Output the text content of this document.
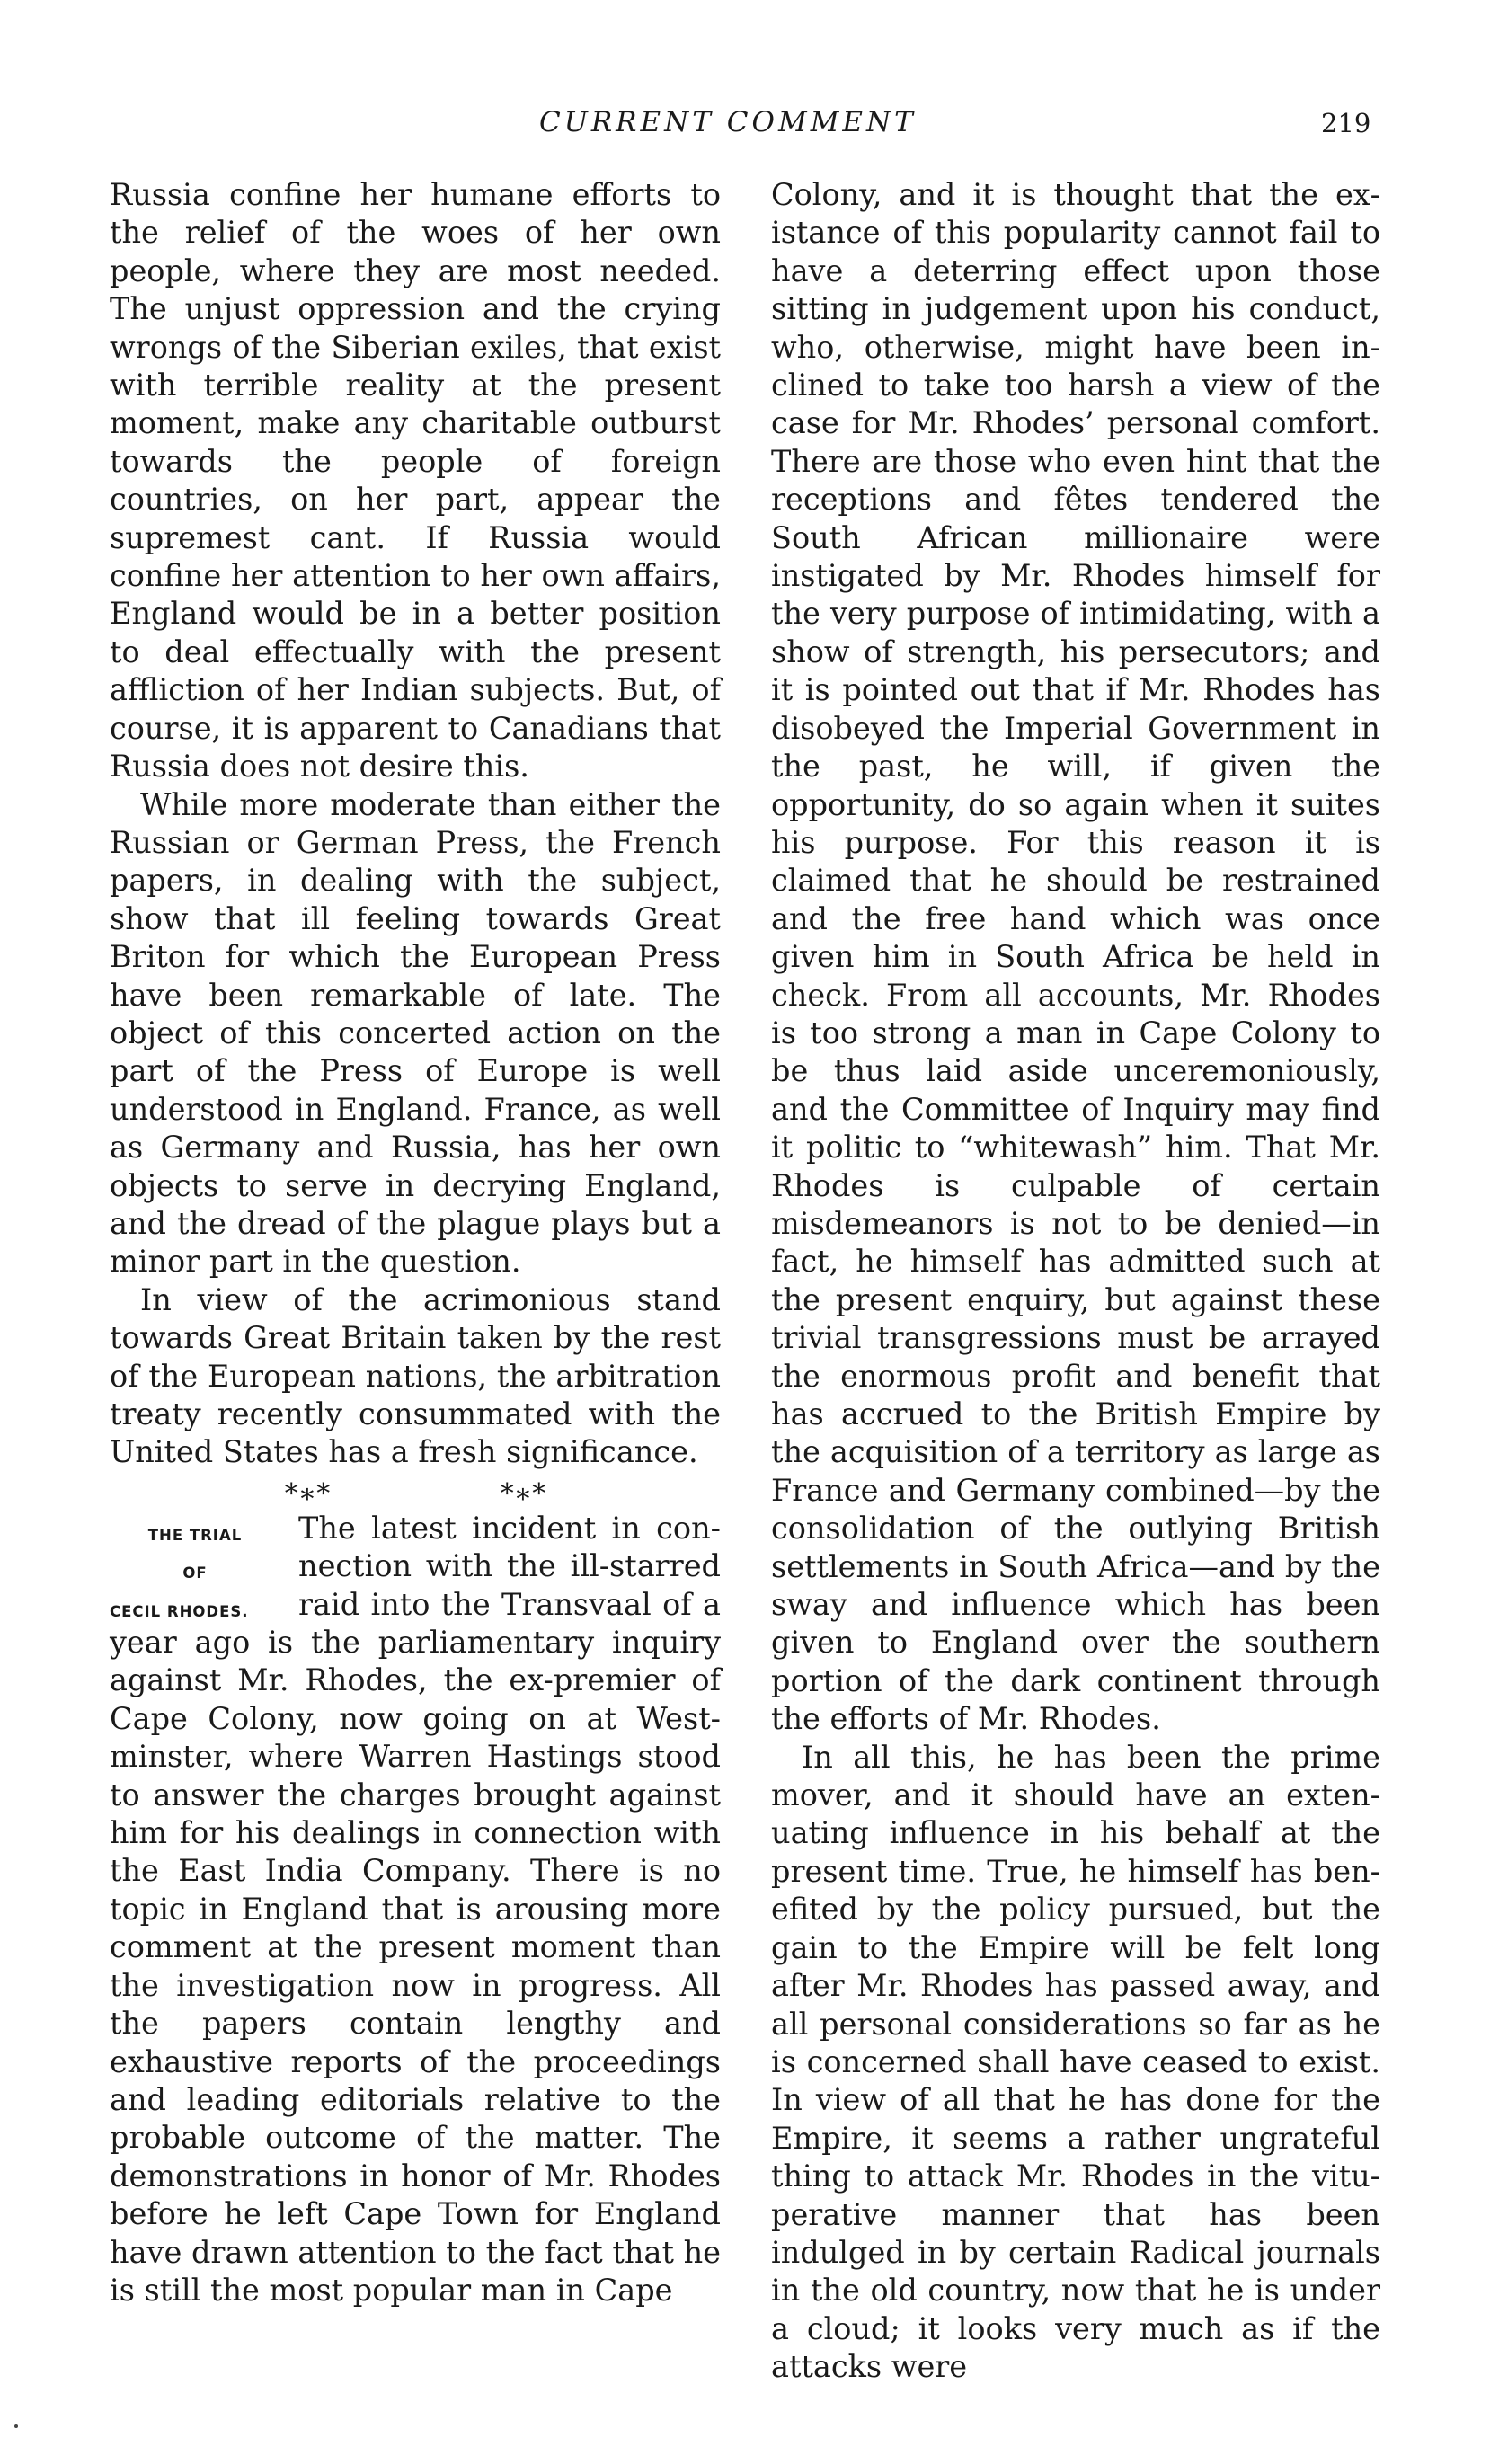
CURRENT COMMENT	219

Russia confine her humane efforts to the relief of the woes of her own people, where they are most needed. The unjust oppression and the crying wrongs of the Siberian exiles, that exist with terrible reality at the present moment, make any charitable outburst towards the people of foreign countries, on her part, appear the supremest cant. If Russia would confine her attention to her own affairs, England would be in a better position to deal effectually with the present affliction of her Indian subjects. But, of course, it is apparent to Canadians that Russia does not desire this.

While more moderate than either the Russian or German Press, the French papers, in dealing with the subject, show that ill feeling towards Great Briton for which the European Press have been remarkable of late. The object of this concerted action on the part of the Press of Europe is well understood in England. France, as well as Germany and Russia, has her own objects to serve in decrying England, and the dread of the plague plays but a minor part in the question.

In view of the acrimonious stand towards Great Britain taken by the rest of the European nations, the arbitration treaty recently consummated with the United States has a fresh significance.

*∗*	*∗*
THE TRIAL
OF
CECIL RHODES.

The latest incident in connection with the ill-starred raid into the Transvaal of a year ago is the parliamentary inquiry against Mr. Rhodes, the ex-premier of Cape Colony, now going on at Westminster, where Warren Hastings stood to answer the charges brought against him for his dealings in connection with the East India Company. There is no topic in England that is arousing more comment at the present moment than the investigation now in progress. All the papers contain lengthy and exhaustive reports of the proceedings and leading editorials relative to the probable outcome of the matter. The demonstrations in honor of Mr. Rhodes before he left Cape Town for England have drawn attention to the fact that he is still the most popular man in Cape

Colony, and it is thought that the existance of this popularity cannot fail to have a deterring effect upon those sitting in judgement upon his conduct, who, otherwise, might have been inclined to take too harsh a view of the case for Mr. Rhodes’ personal comfort. There are those who even hint that the receptions and fêtes tendered the South African millionaire were instigated by Mr. Rhodes himself for the very purpose of intimidating, with a show of strength, his persecutors; and it is pointed out that if Mr. Rhodes has disobeyed the Imperial Government in the past, he will, if given the opportunity, do so again when it suites his purpose. For this reason it is claimed that he should be restrained and the free hand which was once given him in South Africa be held in check. From all accounts, Mr. Rhodes is too strong a man in Cape Colony to be thus laid aside unceremoniously, and the Committee of Inquiry may find it politic to “whitewash” him. That Mr. Rhodes is culpable of certain misdemeanors is not to be denied—in fact, he himself has admitted such at the present enquiry, but against these trivial transgressions must be arrayed the enormous profit and benefit that has accrued to the British Empire by the acquisition of a territory as large as France and Germany combined—by the consolidation of the outlying British settlements in South Africa—and by the sway and influence which has been given to England over the southern portion of the dark continent through the efforts of Mr. Rhodes.

In all this, he has been the prime mover, and it should have an extenuating influence in his behalf at the present time. True, he himself has benefited by the policy pursued, but the gain to the Empire will be felt long after Mr. Rhodes has passed away, and all personal considerations so far as he is concerned shall have ceased to exist. In view of all that he has done for the Empire, it seems a rather ungrateful thing to attack Mr. Rhodes in the vituperative manner that has been indulged in by certain Radical journals in the old country, now that he is under a cloud; it looks very much as if the attacks were
